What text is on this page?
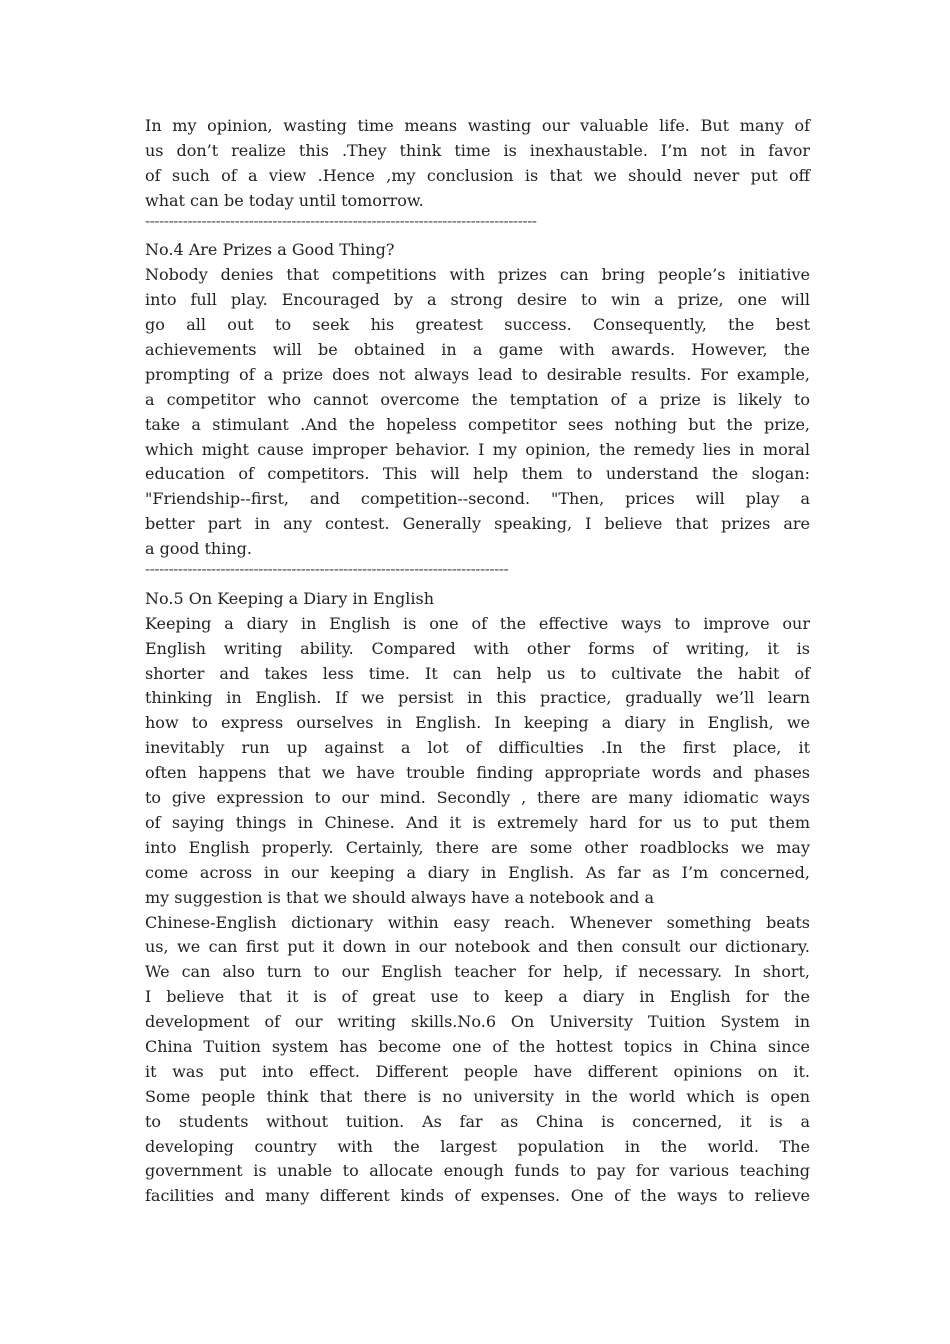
In my opinion, wasting time means wasting our valuable life. But many of
us don’t realize this .They think time is inexhaustable. I’m not in favor
of such of a view .Hence ,my conclusion is that we should never put off
what can be today until tomorrow.
-----------------------------------------------------------------------------------
No.4 Are Prizes a Good Thing?
Nobody denies that competitions with prizes can bring people’s initiative
into full play. Encouraged by a strong desire to win a prize, one will
go all out to seek his greatest success. Consequently, the best
achievements will be obtained in a game with awards. However, the
prompting of a prize does not always lead to desirable results. For example,
a competitor who cannot overcome the temptation of a prize is likely to
take a stimulant .And the hopeless competitor sees nothing but the prize,
which might cause improper behavior. I my opinion, the remedy lies in moral
education of competitors. This will help them to understand the slogan:
"Friendship--first, and competition--second. "Then, prices will play a
better part in any contest. Generally speaking, I believe that prizes are
a good thing.
-----------------------------------------------------------------------------
No.5 On Keeping a Diary in English
Keeping a diary in English is one of the effective ways to improve our
English writing ability. Compared with other forms of writing, it is
shorter and takes less time. It can help us to cultivate the habit of
thinking in English. If we persist in this practice, gradually we’ll learn
how to express ourselves in English. In keeping a diary in English, we
inevitably run up against a lot of difficulties .In the first place, it
often happens that we have trouble finding appropriate words and phases
to give expression to our mind. Secondly , there are many idiomatic ways
of saying things in Chinese. And it is extremely hard for us to put them
into English properly. Certainly, there are some other roadblocks we may
come across in our keeping a diary in English. As far as I’m concerned,
my suggestion is that we should always have a notebook and a
Chinese-English dictionary within easy reach. Whenever something beats
us, we can first put it down in our notebook and then consult our dictionary.
We can also turn to our English teacher for help, if necessary. In short,
I believe that it is of great use to keep a diary in English for the
development of our writing skills.No.6 On University Tuition System in
China Tuition system has become one of the hottest topics in China since
it was put into effect. Different people have different opinions on it.
Some people think that there is no university in the world which is open
to students without tuition. As far as China is concerned, it is a
developing country with the largest population in the world. The
government is unable to allocate enough funds to pay for various teaching
facilities and many different kinds of expenses. One of the ways to relieve
